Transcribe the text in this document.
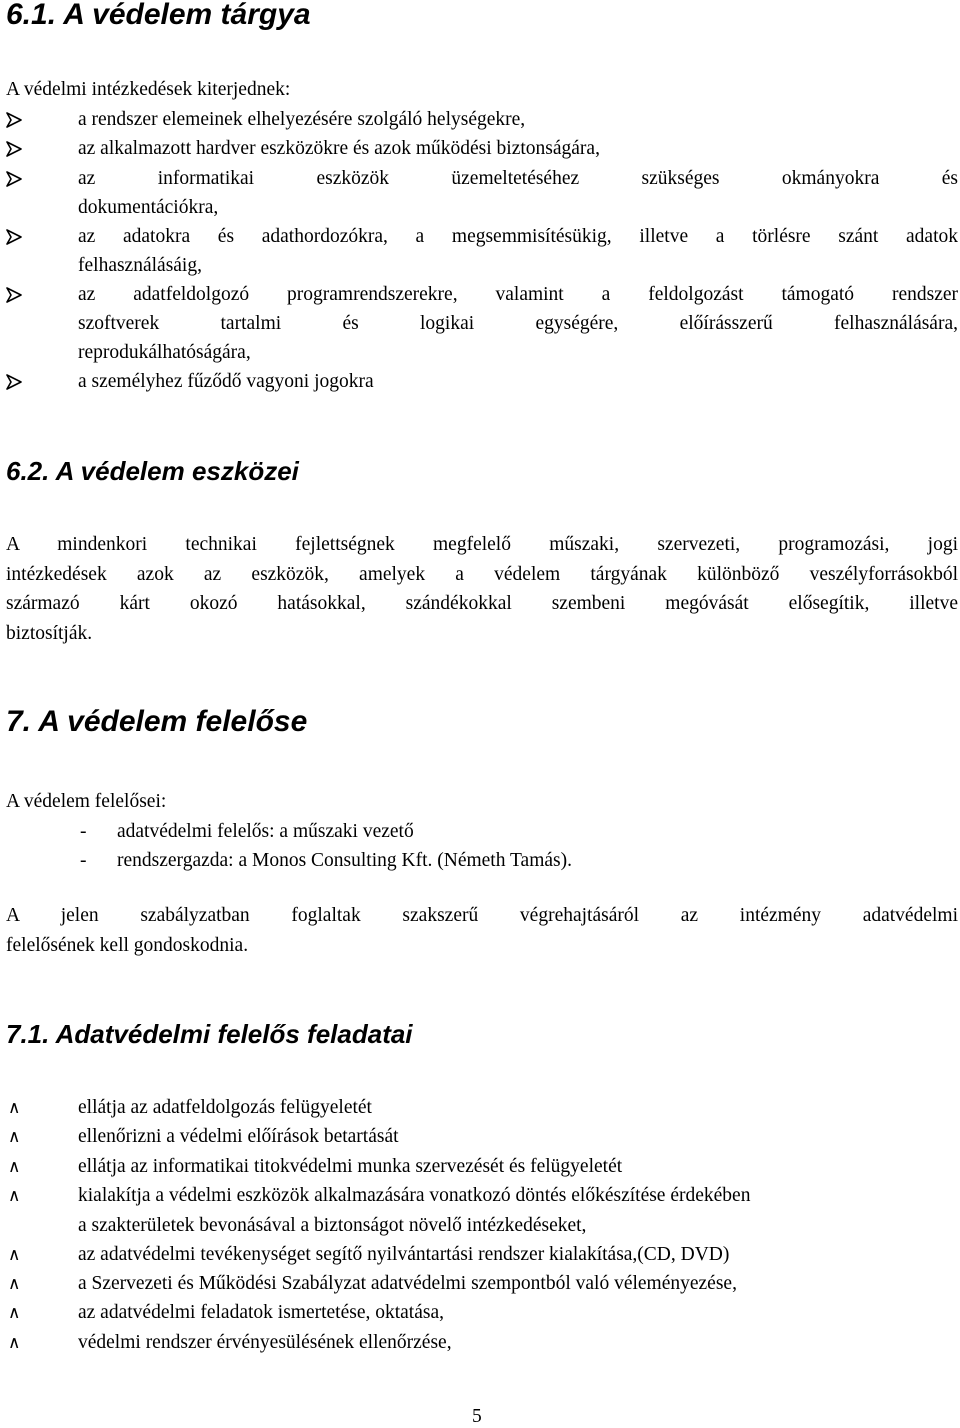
6.1. A védelem tárgya
A védelmi intézkedések kiterjednek:
a rendszer elemeinek elhelyezésére szolgáló helységekre,
az alkalmazott hardver eszközökre és azok működési biztonságára,
az informatikai eszközök üzemeltetéséhez szükséges okmányokra és
dokumentációkra,
az adatokra és adathordozókra, a megsemmisítésükig, illetve a törlésre szánt adatok
felhasználásáig,
az adatfeldolgozó programrendszerekre, valamint a feldolgozást támogató rendszer
szoftverek tartalmi és logikai egységére, előírásszerű felhasználására,
reprodukálhatóságára,
a személyhez fűződő vagyoni jogokra
6.2. A védelem eszközei
A mindenkori technikai fejlettségnek megfelelő műszaki, szervezeti, programozási, jogi
intézkedések azok az eszközök, amelyek a védelem tárgyának különböző veszélyforrásokból
származó kárt okozó hatásokkal, szándékokkal szembeni megóvását elősegítik, illetve
biztosítják.
7. A védelem felelőse
A védelem felelősei:
- adatvédelmi felelős: a műszaki vezető
- rendszergazda: a Monos Consulting Kft. (Németh Tamás).
A jelen szabályzatban foglaltak szakszerű végrehajtásáról az intézmény adatvédelmi
felelősének kell gondoskodnia.
7.1. Adatvédelmi felelős feladatai
∧	ellátja az adatfeldolgozás felügyeletét
∧	ellenőrizni a védelmi előírások betartását
∧	ellátja az informatikai titokvédelmi munka szervezését és felügyeletét
∧	kialakítja a védelmi eszközök alkalmazására vonatkozó döntés előkészítése érdekében
a szakterületek bevonásával a biztonságot növelő intézkedéseket,
∧	az adatvédelmi tevékenységet segítő nyilvántartási rendszer kialakítása,(CD, DVD)
∧	a Szervezeti és Működési Szabályzat adatvédelmi szempontból való véleményezése,
∧	az adatvédelmi feladatok ismertetése, oktatása,
∧	védelmi rendszer érvényesülésének ellenőrzése,
5
